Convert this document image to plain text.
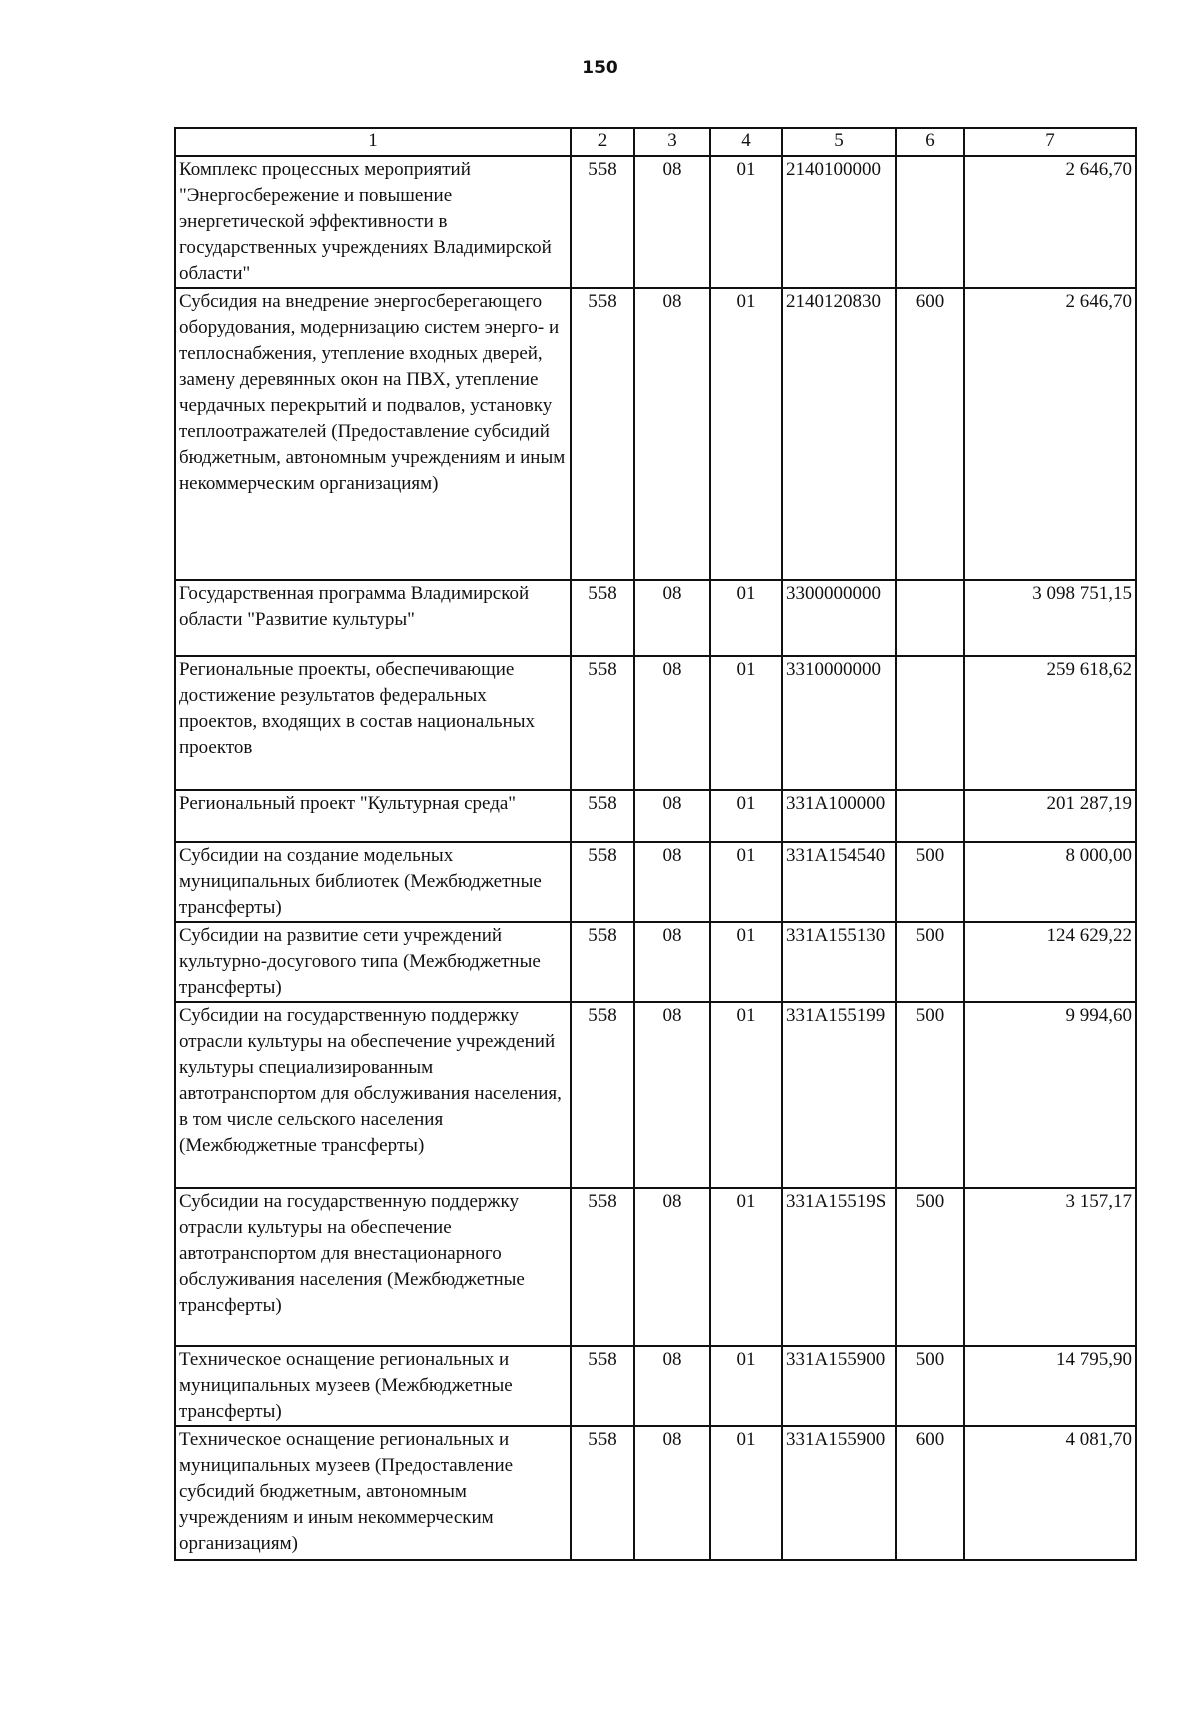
150
1	2	3	4	5	6	7
Комплекс процессных мероприятий "Энергосбережение и повышение энергетической эффективности в государственных учреждениях Владимирской области"	558	08	01	2140100000		2 646,70
Субсидия на внедрение энергосберегающего оборудования, модернизацию систем энерго- и теплоснабжения, утепление входных дверей, замену деревянных окон на ПВХ, утепление чердачных перекрытий и подвалов, установку теплоотражателей (Предоставление субсидий бюджетным, автономным учреждениям и иным некоммерческим организациям)	558	08	01	2140120830	600	2 646,70
Государственная программа Владимирской области "Развитие культуры"	558	08	01	3300000000		3 098 751,15
Региональные проекты, обеспечивающие достижение результатов федеральных проектов, входящих в состав национальных проектов	558	08	01	3310000000		259 618,62
Региональный проект "Культурная среда"	558	08	01	331A100000		201 287,19
Субсидии на создание модельных муниципальных библиотек (Межбюджетные трансферты)	558	08	01	331A154540	500	8 000,00
Субсидии на развитие сети учреждений культурно-досугового типа (Межбюджетные трансферты)	558	08	01	331A155130	500	124 629,22
Субсидии на государственную поддержку отрасли культуры на обеспечение учреждений культуры специализированным автотранспортом для обслуживания населения, в том числе сельского населения (Межбюджетные трансферты)	558	08	01	331A155199	500	9 994,60
Субсидии на государственную поддержку отрасли культуры на обеспечение автотранспортом для внестационарного обслуживания населения (Межбюджетные трансферты)	558	08	01	331A15519S	500	3 157,17
Техническое оснащение региональных и муниципальных музеев (Межбюджетные трансферты)	558	08	01	331A155900	500	14 795,90
Техническое оснащение региональных и муниципальных музеев (Предоставление субсидий бюджетным, автономным учреждениям и иным некоммерческим организациям)	558	08	01	331A155900	600	4 081,70
